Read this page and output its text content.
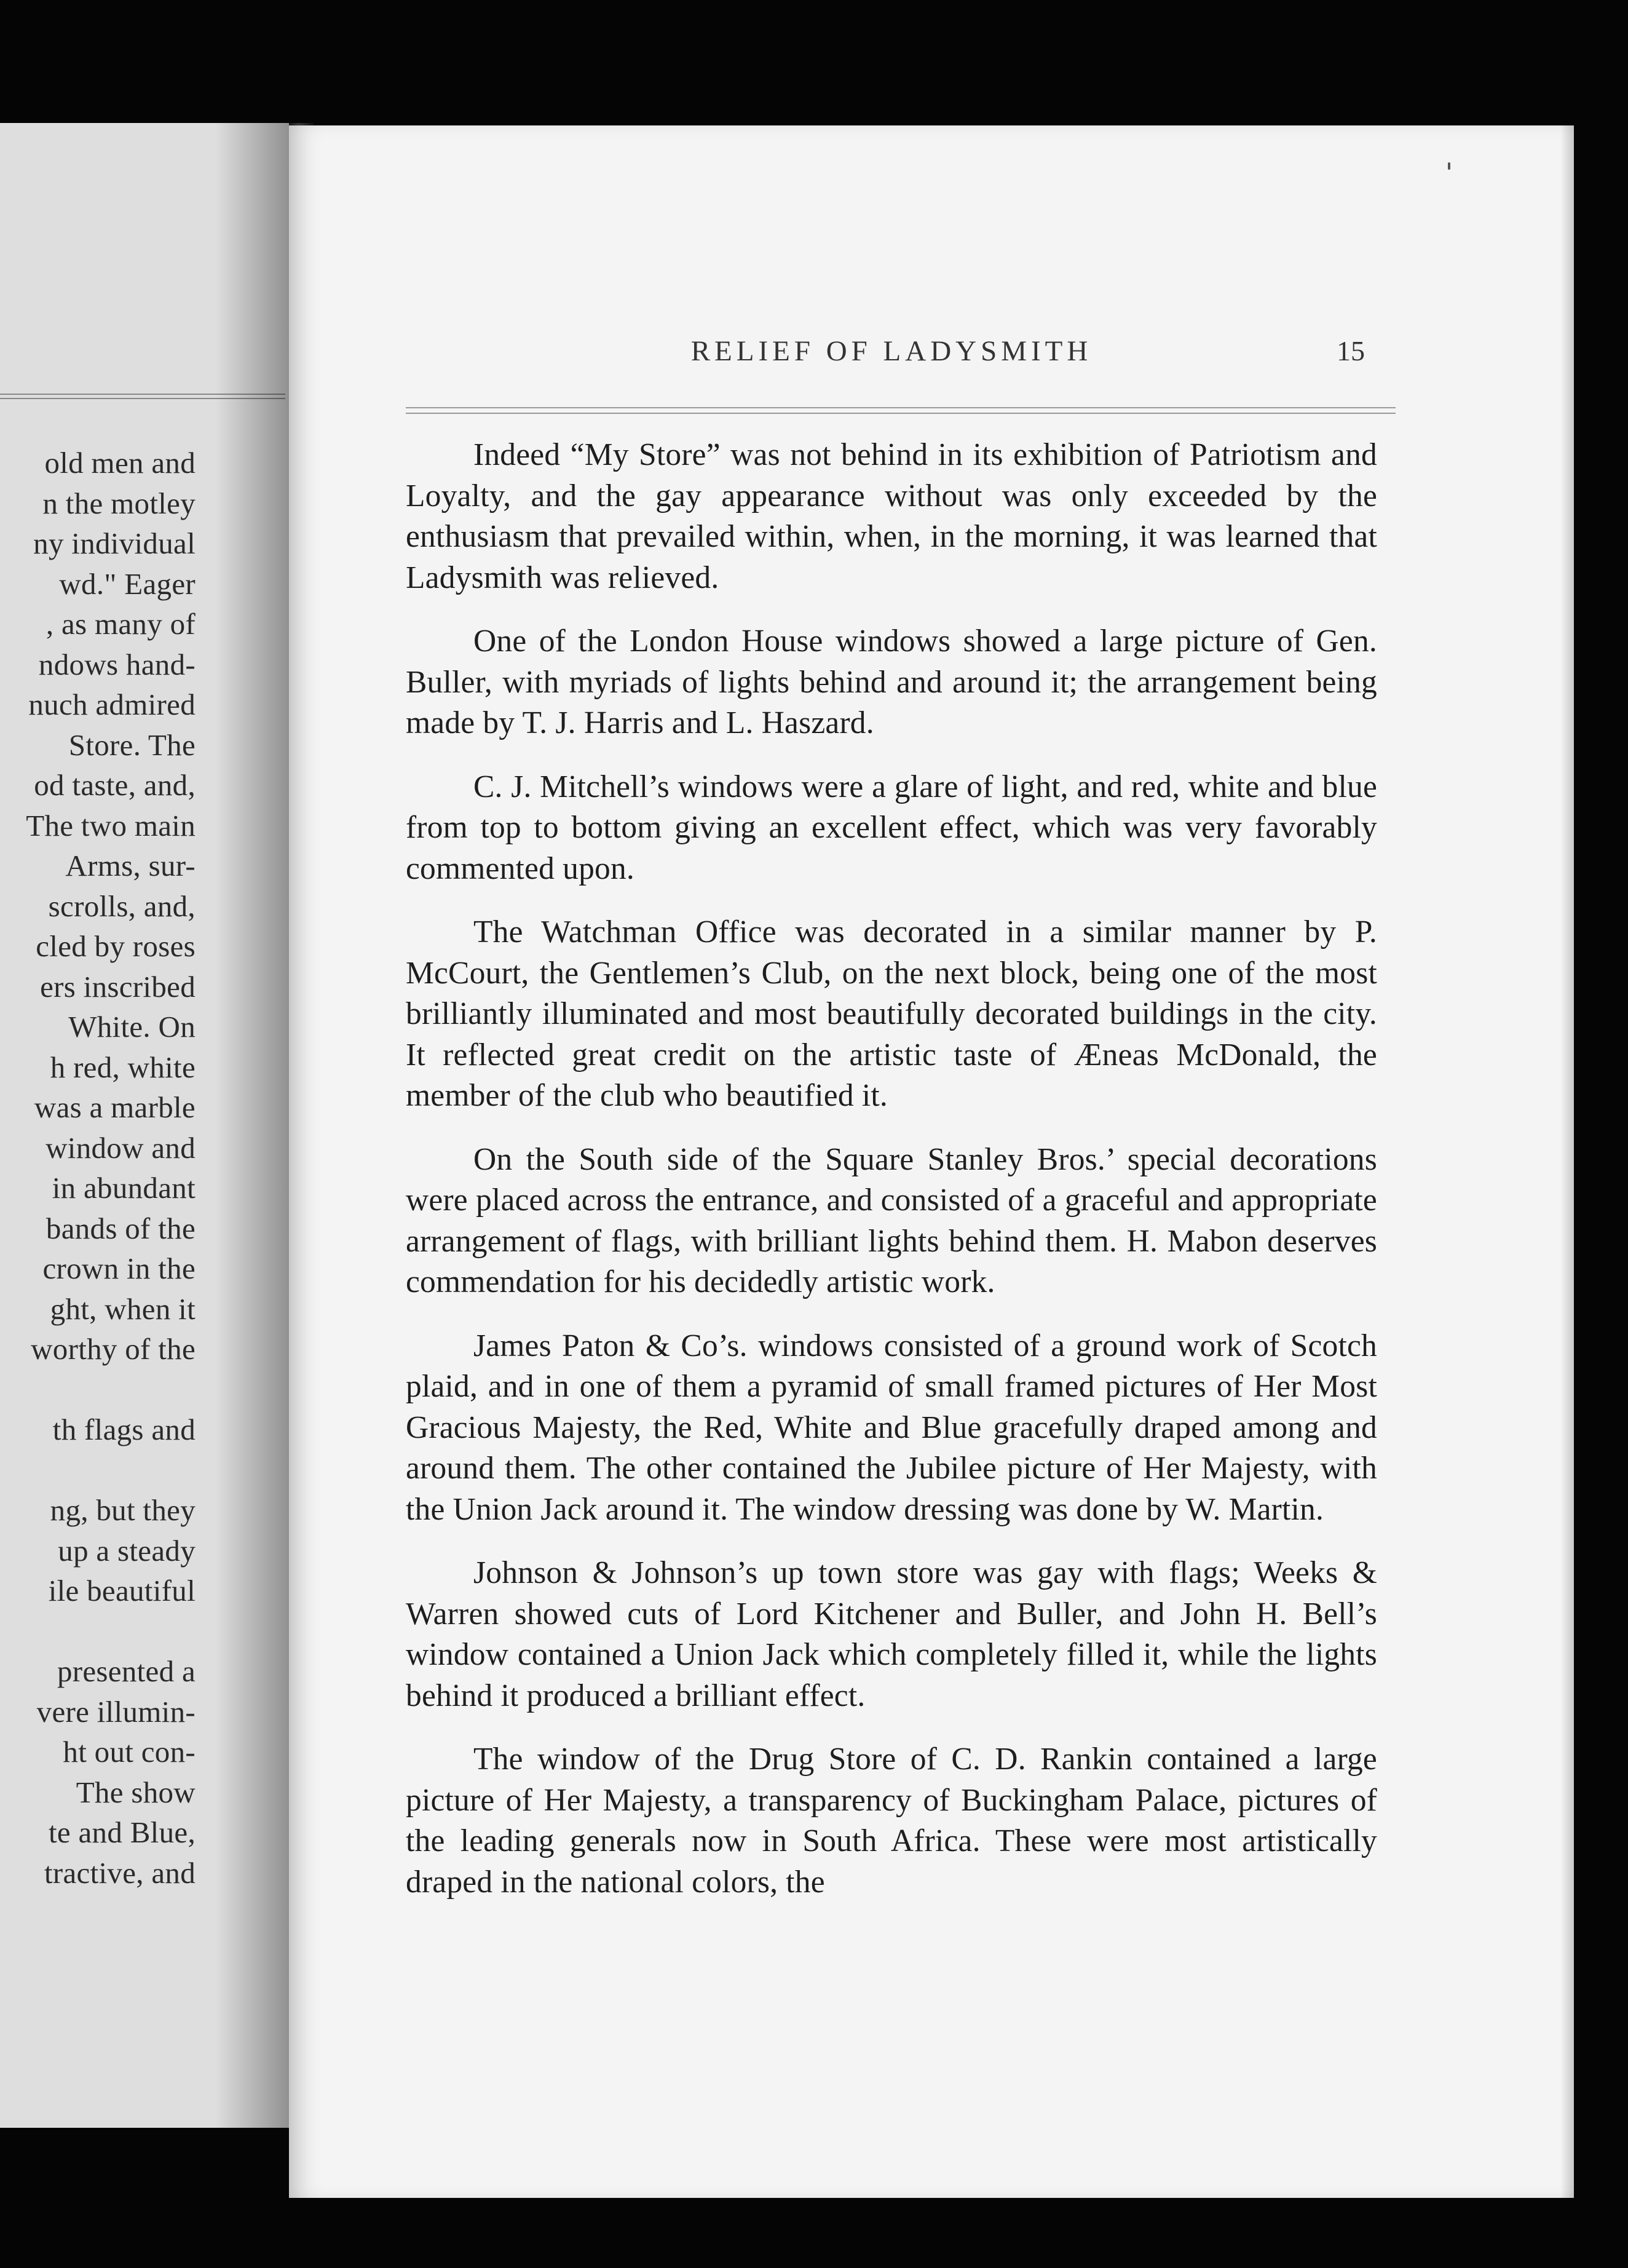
old men and
n the motley
ny individual
wd." Eager
, as many of
ndows hand-
nuch admired
Store. The
od taste, and,
The two main
Arms, sur-
scrolls, and,
cled by roses
ers inscribed
White. On
h red, white
was a marble
window and
in abundant
bands of the
crown in the
ght, when it
worthy of the
th flags and
ng, but they
up a steady
ile beautiful
presented a
vere illumin-
ht out con-
The show
te and Blue,
tractive, and
RELIEF OF LADYSMITH	15

Indeed “My Store” was not behind in its exhibition of Patriotism and Loyalty, and the gay appearance without was only exceeded by the enthusiasm that prevailed within, when, in the morning, it was learned that Ladysmith was relieved.

One of the London House windows showed a large picture of Gen. Buller, with myriads of lights behind and around it; the arrangement being made by T. J. Harris and L. Haszard.

C. J. Mitchell’s windows were a glare of light, and red, white and blue from top to bottom giving an excellent effect, which was very favorably commented upon.

The Watchman Office was decorated in a similar manner by P. McCourt, the Gentlemen’s Club, on the next block, being one of the most brilliantly illuminated and most beautifully decorated buildings in the city. It reflected great credit on the artistic taste of Æneas McDonald, the member of the club who beautified it.

On the South side of the Square Stanley Bros.’ special decorations were placed across the entrance, and consisted of a graceful and appropriate arrangement of flags, with brilliant lights behind them. H. Mabon deserves commendation for his decidedly artistic work.

James Paton & Co’s. windows consisted of a ground work of Scotch plaid, and in one of them a pyramid of small framed pictures of Her Most Gracious Majesty, the Red, White and Blue gracefully draped among and around them. The other contained the Jubilee picture of Her Majesty, with the Union Jack around it. The window dressing was done by W. Martin.

Johnson & Johnson’s up town store was gay with flags; Weeks & Warren showed cuts of Lord Kitchener and Buller, and John H. Bell’s window contained a Union Jack which completely filled it, while the lights behind it produced a brilliant effect.

The window of the Drug Store of C. D. Rankin contained a large picture of Her Majesty, a transparency of Buckingham Palace, pictures of the leading generals now in South Africa. These were most artistically draped in the national colors, the
